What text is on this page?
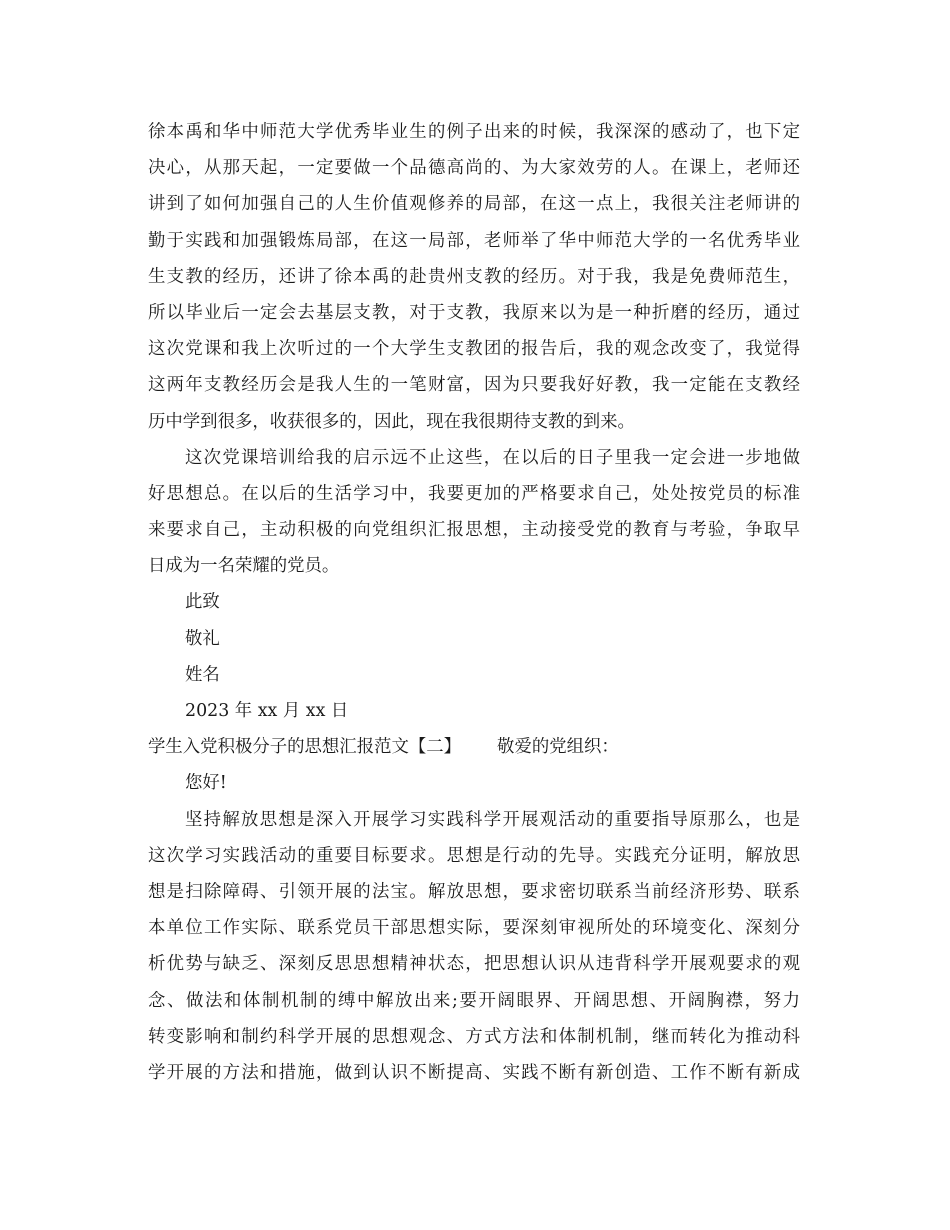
徐本禹和华中师范大学优秀毕业生的例子出来的时候，我深深的感动了，也下定
决心，从那天起，一定要做一个品德高尚的、为大家效劳的人。在课上，老师还
讲到了如何加强自己的人生价值观修养的局部，在这一点上，我很关注老师讲的
勤于实践和加强锻炼局部，在这一局部，老师举了华中师范大学的一名优秀毕业
生支教的经历，还讲了徐本禹的赴贵州支教的经历。对于我，我是免费师范生，
所以毕业后一定会去基层支教，对于支教，我原来以为是一种折磨的经历，通过
这次党课和我上次听过的一个大学生支教团的报告后，我的观念改变了，我觉得
这两年支教经历会是我人生的一笔财富，因为只要我好好教，我一定能在支教经
历中学到很多，收获很多的，因此，现在我很期待支教的到来。
这次党课培训给我的启示远不止这些，在以后的日子里我一定会进一步地做
好思想总。在以后的生活学习中，我要更加的严格要求自己，处处按党员的标准
来要求自己，主动积极的向党组织汇报思想，主动接受党的教育与考验，争取早
日成为一名荣耀的党员。
此致
敬礼
姓名
2023 年 xx 月 xx 日
学生入党积极分子的思想汇报范文【二】 敬爱的党组织：
您好!
坚持解放思想是深入开展学习实践科学开展观活动的重要指导原那么，也是
这次学习实践活动的重要目标要求。思想是行动的先导。实践充分证明，解放思
想是扫除障碍、引领开展的法宝。解放思想，要求密切联系当前经济形势、联系
本单位工作实际、联系党员干部思想实际，要深刻审视所处的环境变化、深刻分
析优势与缺乏、深刻反思思想精神状态，把思想认识从违背科学开展观要求的观
念、做法和体制机制的缚中解放出来;要开阔眼界、开阔思想、开阔胸襟，努力
转变影响和制约科学开展的思想观念、方式方法和体制机制，继而转化为推动科
学开展的方法和措施，做到认识不断提高、实践不断有新创造、工作不断有新成
